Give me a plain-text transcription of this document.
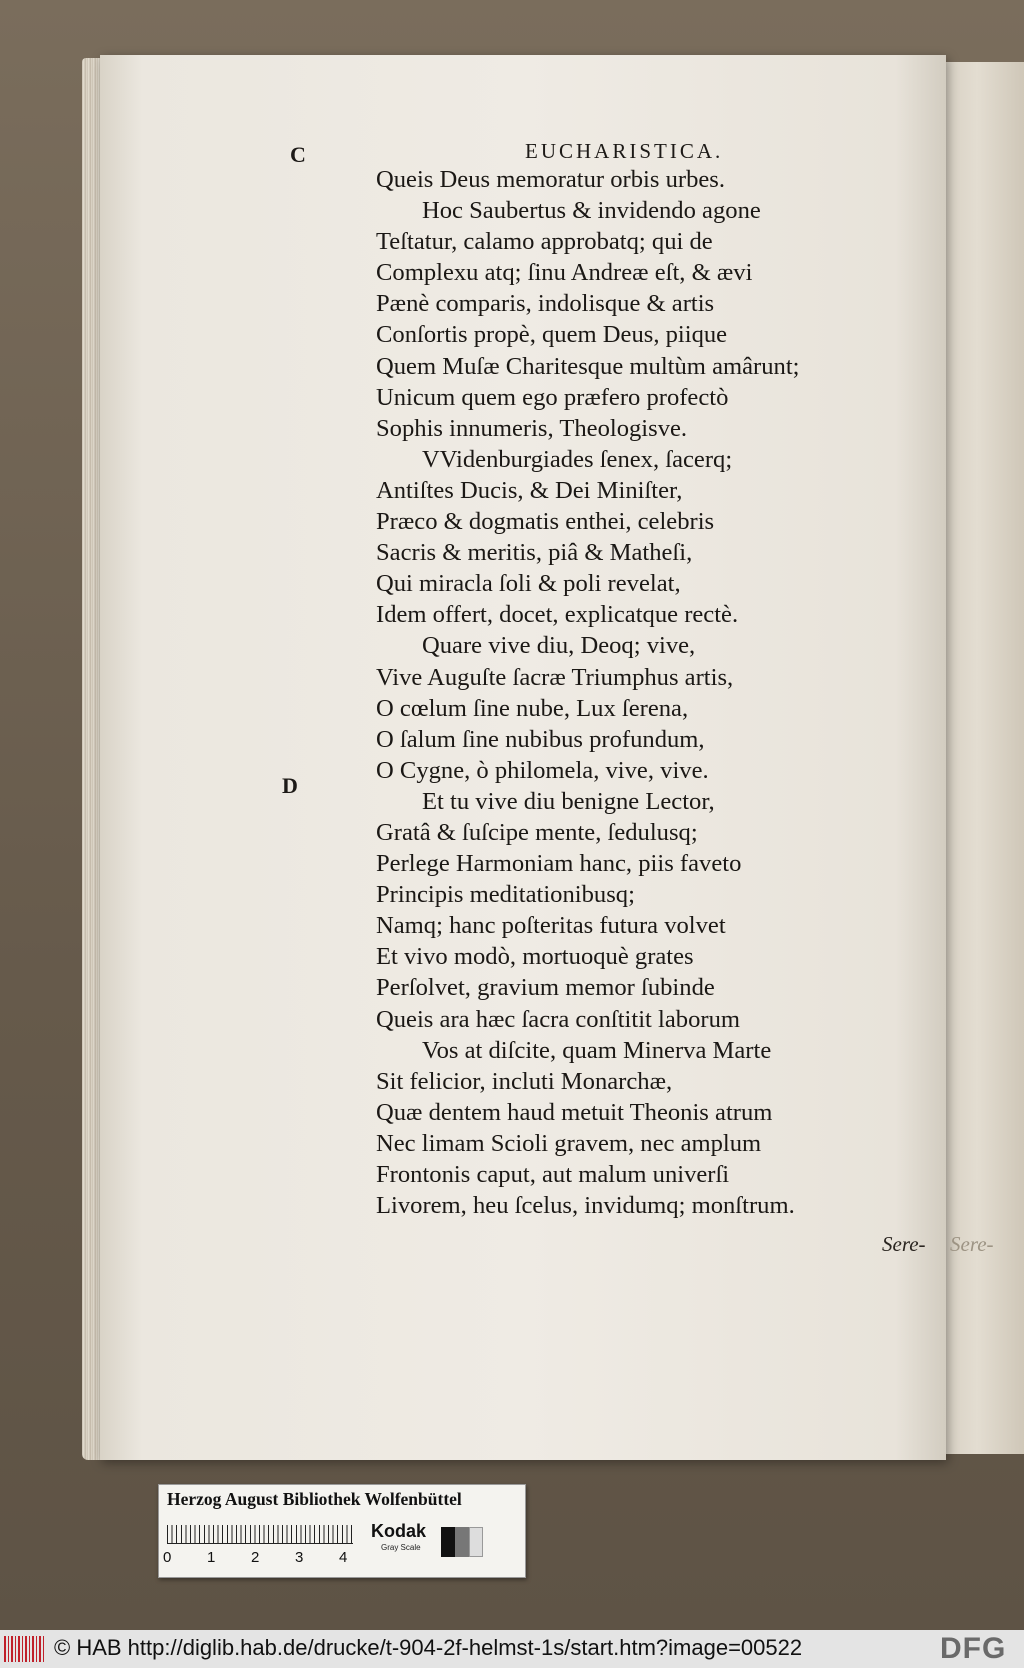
C	EUCHARISTICA.
Queis Deus memoratur orbis urbes.
Hoc Saubertus & invidendo agone
Teſtatur, calamo approbatq; qui de
Complexu atq; ſinu Andreæ eſt, & ævi
Pænè comparis, indolisque & artis
Conſortis propè, quem Deus, piique
Quem Muſæ Charitesque multùm amârunt;
Unicum quem ego præfero profectò
Sophis innumeris, Theologisve.
VVidenburgiades ſenex, ſacerq;
Antiſtes Ducis, & Dei Miniſter,
Præco & dogmatis enthei, celebris
Sacris & meritis, piâ & Matheſi,
Qui miracla ſoli & poli revelat,
Idem offert, docet, explicatque rectè.
Quare vive diu, Deoq; vive,
Vive Auguſte ſacræ Triumphus artis,
O cœlum ſine nube, Lux ſerena,
O ſalum ſine nubibus profundum,
O Cygne, ò philomela, vive, vive.
Et tu vive diu benigne Lector,
Gratâ & ſuſcipe mente, ſedulusq;
Perlege Harmoniam hanc, piis faveto
Principis meditationibusq;
Namq; hanc poſteritas futura volvet
Et vivo modò, mortuoquè grates
Perſolvet, gravium memor ſubinde
Queis ara hæc ſacra conſtitit laborum
Vos at diſcite, quam Minerva Marte
Sit felicior, incluti Monarchæ,
Quæ dentem haud metuit Theonis atrum
Nec limam Scioli gravem, nec amplum
Frontonis caput, aut malum univerſi
Livorem, heu ſcelus, invidumq; monſtrum.
D
Sere- Sere-
Herzog August Bibliothek Wolfenbüttel
0 1 2 3 4
Kodak
Gray Scale
© HAB http://diglib.hab.de/drucke/t-904-2f-helmst-1s/start.htm?image=00522	DFG
